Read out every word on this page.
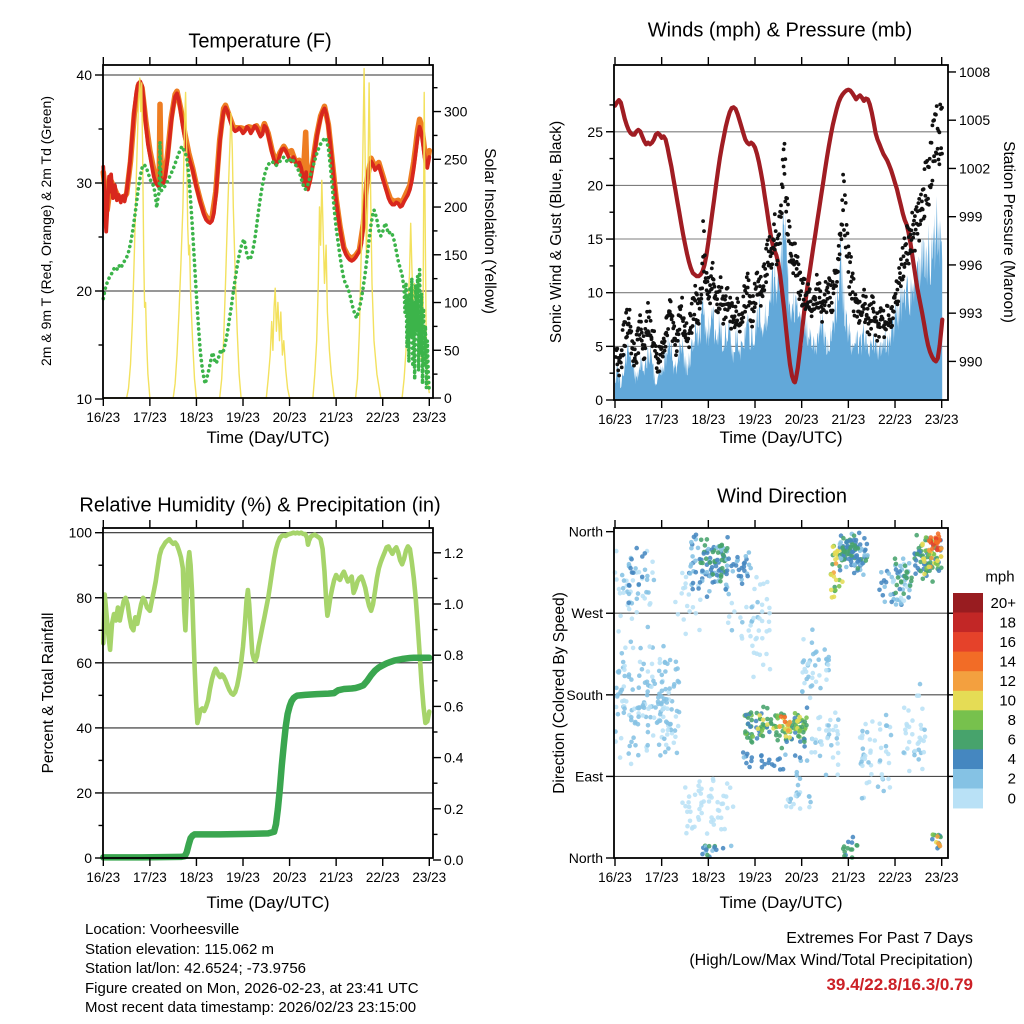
10
20
30
40
0
50
100
150
200
250
300
16/23 17/23 18/23 19/23 20/23 21/23 22/23 23/23
0
5
10
15
20
25
990
993
996
999
1002
1005
1008
16/23 17/23 18/23 19/23 20/23 21/23 22/23 23/23
0
20
40
60
80
100
0.0
0.2
0.4
0.6
0.8
1.0
1.2
16/23 17/23 18/23 19/23 20/23 21/23 22/23 23/23
North
West
South
East
North
16/23 17/23 18/23 19/23 20/23 21/23 22/23 23/23
20+
18
16
14
12
10
8
6
4
2
0
Temperature (F)	Winds (mph) & Pressure (mb)
Relative Humidity (%) & Precipitation (in)	Wind Direction
2m & 9m T (Red, Orange) & 2m Td (Green)	Solar Insolation (Yellow)	Sonic Wind & Gust (Blue, Black)	Station Pressure (Maroon)
Percent & Total Rainfall	Direction (Colored By Speed)
Time (Day/UTC)	Time (Day/UTC)
Time (Day/UTC)	Time (Day/UTC)
mph
Location: Voorheesville
Station elevation: 115.062 m
Station lat/lon: 42.6524; -73.9756
Figure created on Mon, 2026-02-23, at 23:41 UTC
Most recent data timestamp: 2026/02/23 23:15:00
Extremes For Past 7 Days
(High/Low/Max Wind/Total Precipitation)
39.4/22.8/16.3/0.79
